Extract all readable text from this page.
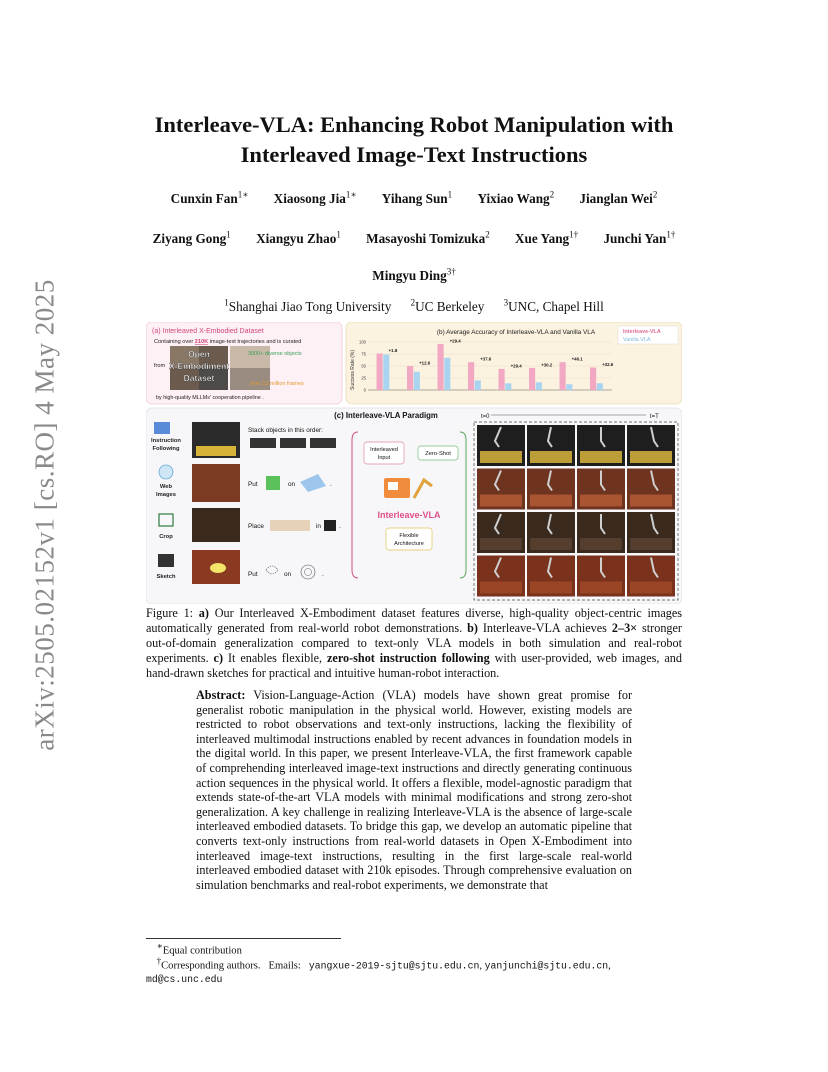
arXiv:2505.02152v1 [cs.RO] 4 May 2025
Interleave-VLA: Enhancing Robot Manipulation with
Interleaved Image-Text Instructions
Cunxin Fan$^{1∗}$ Xiaosong Jia$^{1∗}$ Yihang Sun$^1$ Yixiao Wang$^2$ Jianglan Wei$^2$
Ziyang Gong$^1$ Xiangyu Zhao$^1$ Masayoshi Tomizuka$^2$ Xue Yang$^{1\dagger}$ Junchi Yan$^{1\dagger}$
Mingyu Ding$^{3\dagger}$
$^1$Shanghai Jiao Tong University $^2$UC Berkeley $^3$UNC, Chapel Hill
(a) Interleaved X-Embodied Dataset
Containing over 210K image-text trajectories and is curated
from
Open
X-Embodiment
Dataset
3000+ diverse objects
over 13 million frames
by high-quality MLLMs' cooperation pipeline .
(b) Average Accuracy of Interleave-VLA and Vanilla VLA
Success Rate (%) 0
25
50
75
100
+1.8
+12.6
+29.4
+37.6
+29.4	+30.2
+46.1
+32.6
Interleave-VLA
Vanilla VLA
(c) Interleave-VLA Paradigm	t=0	t=T
Instruction
Following
Stack objects in this order:
Web
Images
Put	on	.
Crop
Place	in	.
Sketch	Put	on	.
Interleaved
Input
Zero-Shot
Interleave-VLA
Flexible
Architecture
Figure 1: a) Our Interleaved X-Embodiment dataset features diverse, high-quality object-centric images automatically generated from real-world robot demonstrations. b) Interleave-VLA achieves 2–3× stronger out-of-domain generalization compared to text-only VLA models in both simulation and real-robot experiments. c) It enables flexible, zero-shot instruction following with user-provided, web images, and hand-drawn sketches for practical and intuitive human-robot interaction.
Abstract: Vision-Language-Action (VLA) models have shown great promise for generalist robotic manipulation in the physical world. However, existing models are restricted to robot observations and text-only instructions, lacking the flexibility of interleaved multimodal instructions enabled by recent advances in foundation models in the digital world. In this paper, we present Interleave-VLA, the first framework capable of comprehending interleaved image-text instructions and directly generating continuous action sequences in the physical world. It offers a flexible, model-agnostic paradigm that extends state-of-the-art VLA models with minimal modifications and strong zero-shot generalization. A key challenge in realizing Interleave-VLA is the absence of large-scale interleaved embodied datasets. To bridge this gap, we develop an automatic pipeline that converts text-only instructions from real-world datasets in Open X-Embodiment into interleaved image-text instructions, resulting in the first large-scale real-world interleaved embodied dataset with 210k episodes. Through comprehensive evaluation on simulation benchmarks and real-robot experiments, we demonstrate that
∗Equal contribution
†Corresponding authors. Emails: yangxue-2019-sjtu@sjtu.edu.cn, yanjunchi@sjtu.edu.cn,
md@cs.unc.edu
